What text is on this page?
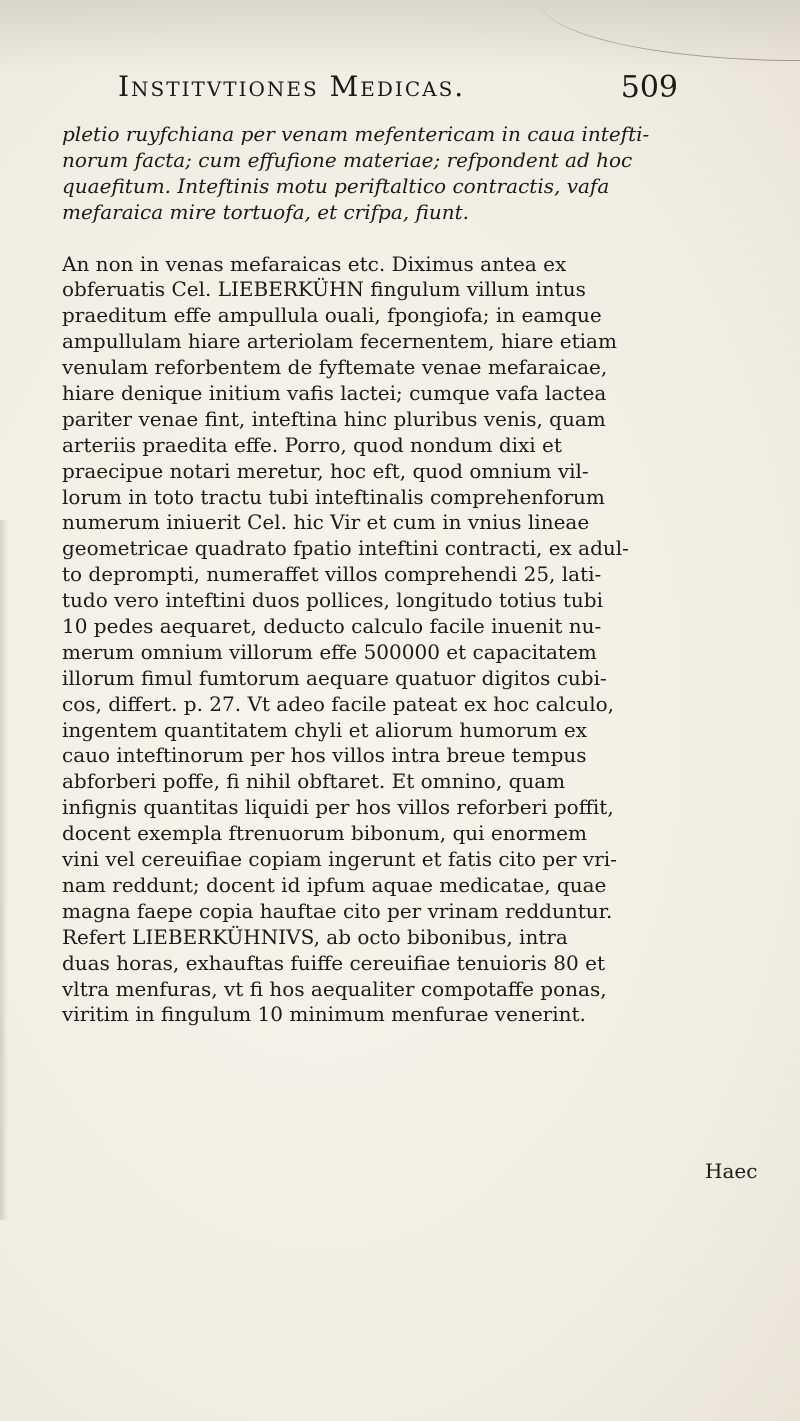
Institvtiones Medicas.	509
pletio ruyfchiana per venam mefentericam in caua intefti-
norum facta; cum effufione materiae; refpondent ad hoc
quaefitum. Inteftinis motu periftaltico contractis, vafa
mefaraica mire tortuofa, et crifpa, fiunt.
An non in venas mefaraicas etc. Diximus antea ex
obferuatis Cel. LIEBERKÜHN fingulum villum intus
praeditum effe ampullula ouali, fpongiofa; in eamque
ampullulam hiare arteriolam fecernentem, hiare etiam
venulam reforbentem de fyftemate venae mefaraicae,
hiare denique initium vafis lactei; cumque vafa lactea
pariter venae fint, inteftina hinc pluribus venis, quam
arteriis praedita effe. Porro, quod nondum dixi et
praecipue notari meretur, hoc eft, quod omnium vil-
lorum in toto tractu tubi inteftinalis comprehenforum
numerum iniuerit Cel. hic Vir et cum in vnius lineae
geometricae quadrato fpatio inteftini contracti, ex adul-
to deprompti, numeraffet villos comprehendi 25, lati-
tudo vero inteftini duos pollices, longitudo totius tubi
10 pedes aequaret, deducto calculo facile inuenit nu-
merum omnium villorum effe 500000 et capacitatem
illorum fimul fumtorum aequare quatuor digitos cubi-
cos, differt. p. 27. Vt adeo facile pateat ex hoc calculo,
ingentem quantitatem chyli et aliorum humorum ex
cauo inteftinorum per hos villos intra breue tempus
abforberi poffe, fi nihil obftaret. Et omnino, quam
infignis quantitas liquidi per hos villos reforberi poffit,
docent exempla ftrenuorum bibonum, qui enormem
vini vel cereuifiae copiam ingerunt et fatis cito per vri-
nam reddunt; docent id ipfum aquae medicatae, quae
magna faepe copia hauftae cito per vrinam redduntur.
Refert LIEBERKÜHNIVS, ab octo bibonibus, intra
duas horas, exhauftas fuiffe cereuifiae tenuioris 80 et
vltra menfuras, vt fi hos aequaliter compotaffe ponas,
viritim in fingulum 10 minimum menfurae venerint.
Haec
